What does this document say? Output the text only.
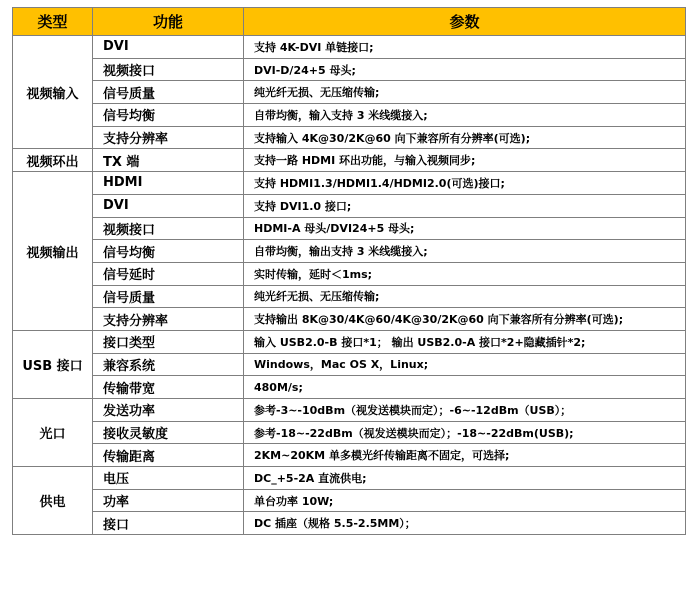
类型	功能	参数
视频输入	DVI	支持 4K-DVI 单链接口;
	视频接口	DVI-D/24+5 母头;
	信号质量	纯光纤无损、无压缩传输;
	信号均衡	自带均衡，输入支持 3 米线缆接入;
	支持分辨率	支持输入 4K@30/2K@60 向下兼容所有分辨率(可选);
视频环出	TX 端	支持一路 HDMI 环出功能，与输入视频同步;
视频输出	HDMI	支持 HDMI1.3/HDMI1.4/HDMI2.0(可选)接口;
	DVI	支持 DVI1.0 接口;
	视频接口	HDMI-A 母头/DVI24+5 母头;
	信号均衡	自带均衡，输出支持 3 米线缆接入;
	信号延时	实时传输，延时＜1ms;
	信号质量	纯光纤无损、无压缩传输;
	支持分辨率	支持输出 8K@30/4K@60/4K@30/2K@60 向下兼容所有分辨率(可选);
USB 接口	接口类型	输入 USB2.0-B 接口*1； 输出 USB2.0-A 接口*2+隐藏插针*2;
	兼容系统	Windows，Mac OS X，Linux;
	传输带宽	480M/s;
光口	发送功率	参考-3~-10dBm（视发送模块而定）；-6~-12dBm（USB）；
	接收灵敏度	参考-18~-22dBm（视发送模块而定）；-18~-22dBm(USB);
	传输距离	2KM~20KM 单多模光纤传输距离不固定，可选择;
供电	电压	DC_+5-2A 直流供电;
	功率	单台功率 10W;
	接口	DC 插座（规格 5.5-2.5MM）；
